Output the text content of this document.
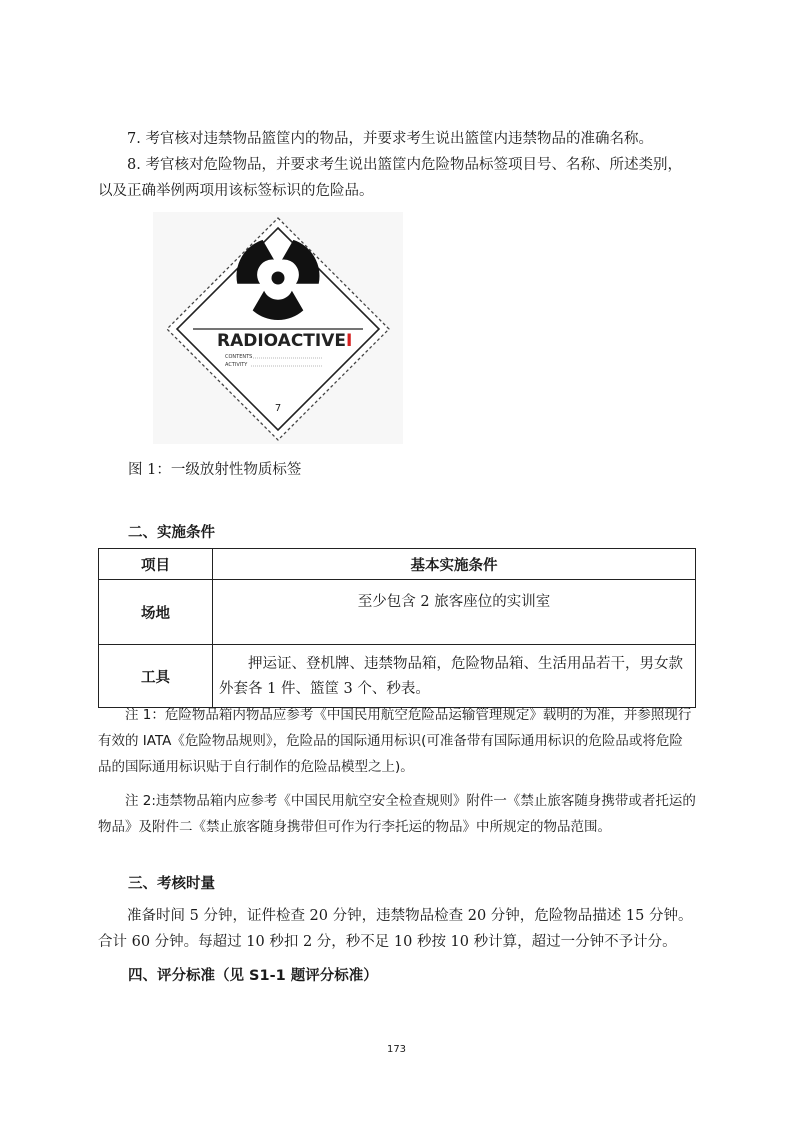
7. 考官核对违禁物品篮筐内的物品，并要求考生说出篮筐内违禁物品的准确名称。

8. 考官核对危险物品，并要求考生说出篮筐内危险物品标签项目号、名称、所述类别，以及正确举例两项用该标签标识的危险品。

RADIOACTIVE I
CONTENTS
ACTIVITY
7
图 1：一级放射性物质标签
二、实施条件
项目	基本实施条件
场地	至少包含 2 旅客座位的实训室
工具	押运证、登机牌、违禁物品箱，危险物品箱、生活用品若干，男女款外套各 1 件、篮筐 3 个、秒表。

注 1：危险物品箱内物品应参考《中国民用航空危险品运输管理规定》载明的为准，并参照现行有效的 IATA《危险物品规则》，危险品的国际通用标识(可准备带有国际通用标识的危险品或将危险品的国际通用标识贴于自行制作的危险品模型之上)。

注 2:违禁物品箱内应参考《中国民用航空安全检查规则》附件一《禁止旅客随身携带或者托运的物品》及附件二《禁止旅客随身携带但可作为行李托运的物品》中所规定的物品范围。

三、考核时量

准备时间 5 分钟，证件检查 20 分钟，违禁物品检查 20 分钟，危险物品描述 15 分钟。合计 60 分钟。每超过 10 秒扣 2 分，秒不足 10 秒按 10 秒计算，超过一分钟不予计分。

四、评分标准（见 S1-1 题评分标准）
173
